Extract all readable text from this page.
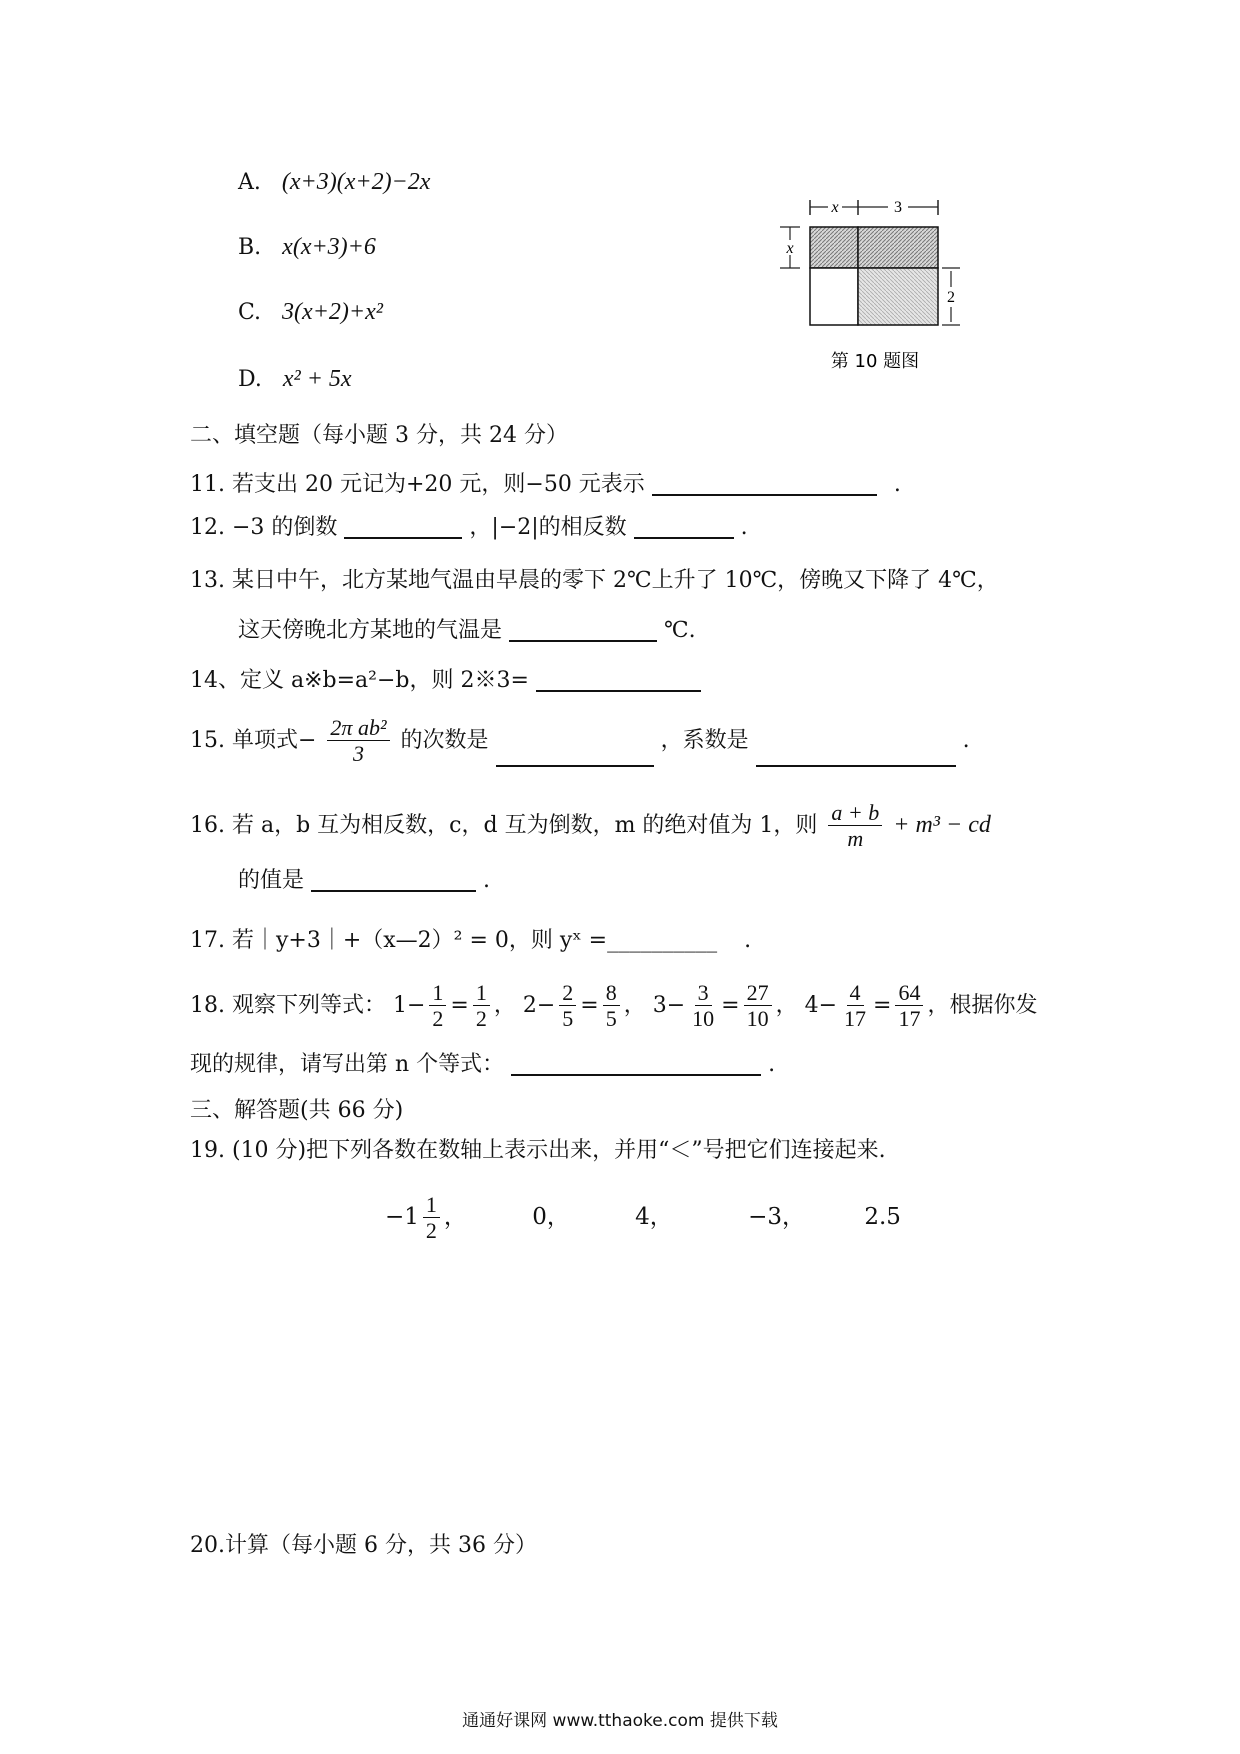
A. (x+3)(x+2)−2x
B. x(x+3)+6
C. 3(x+2)+x²
D. x² + 5x
x	3
x
2
第 10 题图
二、填空题（每小题 3 分，共 24 分）
11. 若支出 20 元记为+20 元，则−50 元表示	.
12. −3 的倒数	，|−2|的相反数	.
13. 某日中午，北方某地气温由早晨的零下 2℃上升了 10℃，傍晚又下降了 4℃，
这天傍晚北方某地的气温是	℃.
14、定义 a※b=a²−b，则 2※3=
15. 单项式− $\frac{\text{2π ab²}}{3}$ 的次数是	，系数是	.
16. 若 a，b 互为相反数，c，d 互为倒数，m 的绝对值为 1，则 $\frac{a + b}{m} + m^3$ − cd
的值是	.
17. 若｜y+3｜+（x—2）² = 0，则 yˣ =__________ .
18. 观察下列等式： $1- \frac{1}{2} = \frac{1}{2}$ ， $2- \frac{2}{5} = \frac{8}{5}$ ， $3- \frac{3}{10} = \frac{27}{10}$ ， $4- \frac{4}{17} = \frac{64}{17}$ ，根据你发
现的规律，请写出第 n 个等式：	.
三、解答题(共 66 分)
19. (10 分)把下列各数在数轴上表示出来，并用“＜”号把它们连接起来.
$-1 \frac{1}{2}$ ，	0，	4，	−3，	2.5
20.计算（每小题 6 分，共 36 分）
通通好课网 www.tthaoke.com 提供下载
